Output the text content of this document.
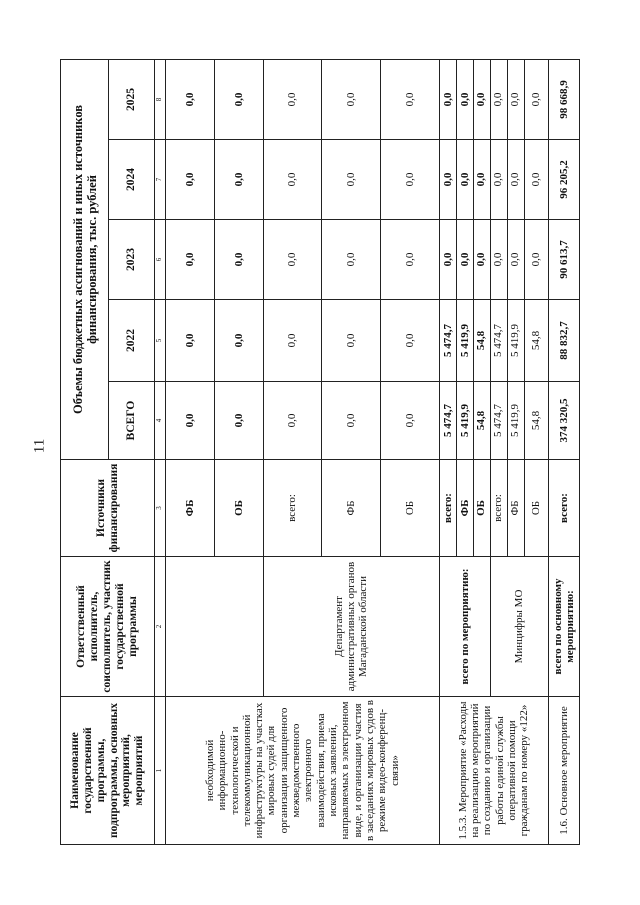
11
Наименование государственной программы, подпрограммы, основных мероприятий, мероприятий	Ответственный исполнитель, соисполнитель, участник государственной программы	Источники финансирования	Объемы бюджетных ассигнований и иных источников финансирования, тыс. рублей				
			ВСЕГО	2022	2023	2024	2025
1	2	3	4	5	6	7	8
необходимой информационно-технологической и телекоммуникационной инфраструктуры на участках мировых судей для организации защищенного межведомственного электронного взаимодействия, приема исковых заявлений, направляемых в электронном виде, и организации участия в заседаниях мировых судов в режиме видео-конференц-связи»		ФБ	0,0	0,0	0,0	0,0	0,0
		ОБ	0,0	0,0	0,0	0,0	0,0
	Департамент административных органов Магаданской области	всего:	0,0	0,0	0,0	0,0	0,0
		ФБ	0,0	0,0	0,0	0,0	0,0
		ОБ	0,0	0,0	0,0	0,0	0,0
1.5.3. Мероприятие «Расходы на реализацию мероприятий по созданию и организации работы единой службы оперативной помощи гражданам по номеру «122»	всего по мероприятию:	всего:	5 474,7	5 474,7	0,0	0,0	0,0
		ФБ	5 419,9	5 419,9	0,0	0,0	0,0
		ОБ	54,8	54,8	0,0	0,0	0,0
	Минцифры МО	всего:	5 474,7	5 474,7	0,0	0,0	0,0
		ФБ	5 419,9	5 419,9	0,0	0,0	0,0
		ОБ	54,8	54,8	0,0	0,0	0,0
1.6. Основное мероприятие	всего по основному мероприятию:	всего:	374 320,5	88 832,7	90 613,7	96 205,2	98 668,9
